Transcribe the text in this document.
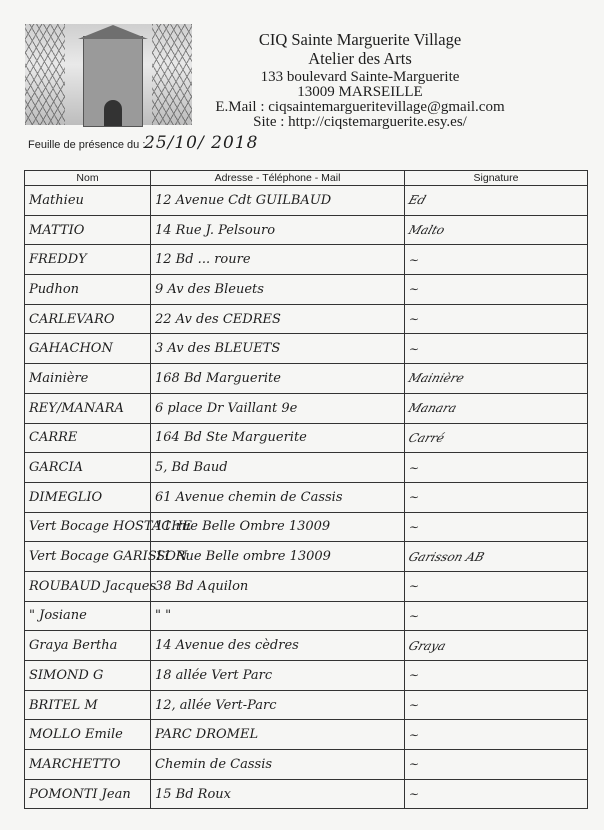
CIQ Sainte Marguerite Village
Atelier des Arts
133 boulevard Sainte-Marguerite
13009 MARSEILLE
E.Mail : ciqsaintemargueritevillage@gmail.com
Site : http://ciqstemarguerite.esy.es/
Feuille de présence du :
25/10/ 2018
Nom	Adresse - Téléphone - Mail	Signature
Mathieu	12 Avenue Cdt GUILBAUD	Ed

MATTIO	14 Rue J. Pelsouro	Malto

FREDDY	12 Bd ... roure	~

Pudhon	9 Av des Bleuets	~

CARLEVARO	22 Av des CEDRES	~

GAHACHON	3 Av des BLEUETS	~

Mainière	168 Bd Marguerite	Mainière

REY/MANARA	6 place Dr Vaillant 9e	Manara

CARRE	164 Bd Ste Marguerite	Carré

GARCIA	5, Bd Baud	~

DIMEGLIO	61 Avenue chemin de Cassis	~

Vert Bocage HOSTACHE	11 rue Belle Ombre 13009	~

Vert Bocage GARISSON	11 Rue Belle ombre 13009	Garisson AB

ROUBAUD Jacques	38 Bd Aquilon	~

" Josiane	" "	~

Graya Bertha	14 Avenue des cèdres	Graya

SIMOND G	18 allée Vert Parc	~

BRITEL M	12, allée Vert-Parc	~

MOLLO Emile	PARC DROMEL	~

MARCHETTO	Chemin de Cassis	~

POMONTI Jean	15 Bd Roux	~
